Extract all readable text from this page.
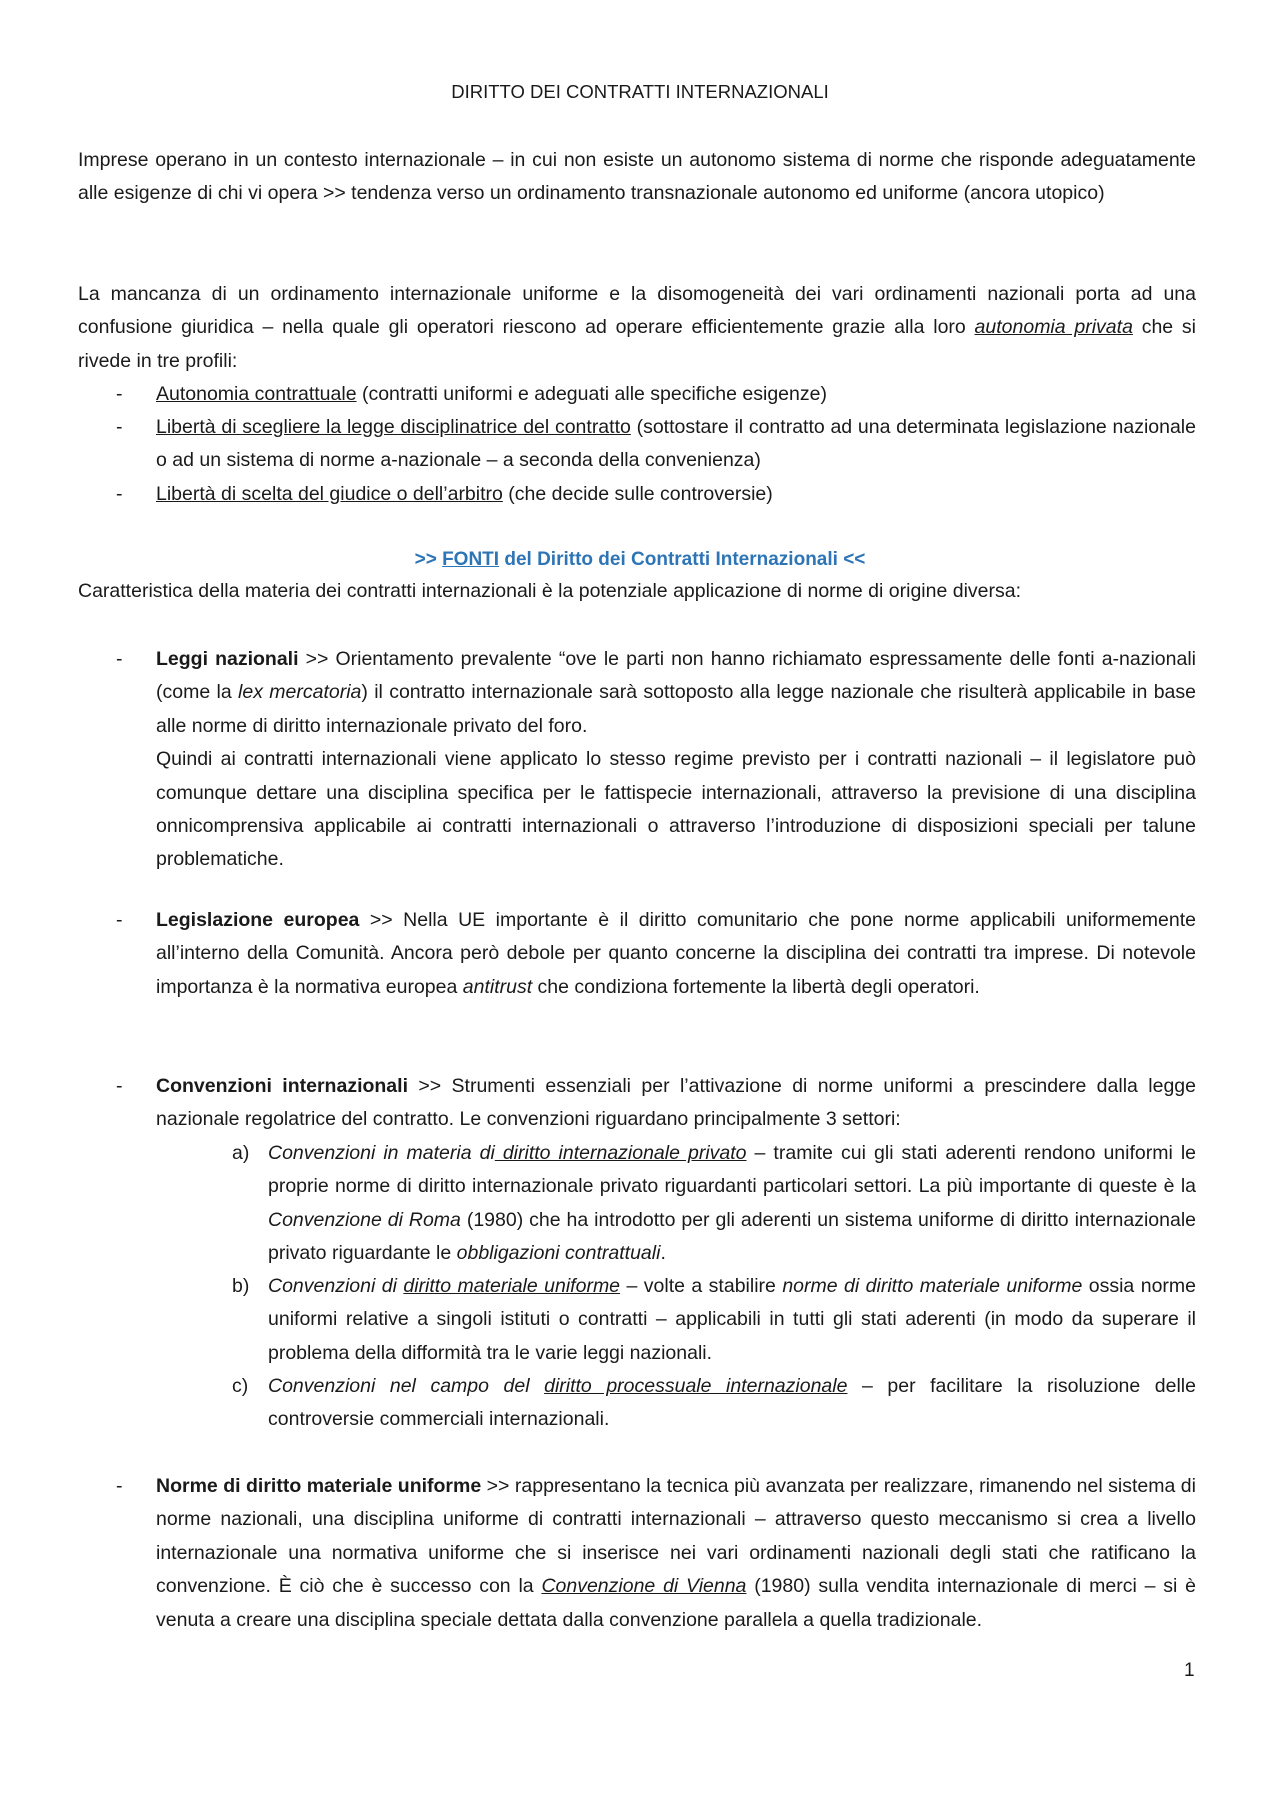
DIRITTO DEI CONTRATTI INTERNAZIONALI
Imprese operano in un contesto internazionale – in cui non esiste un autonomo sistema di norme che risponde adeguatamente alle esigenze di chi vi opera >> tendenza verso un ordinamento transnazionale autonomo ed uniforme (ancora utopico)
La mancanza di un ordinamento internazionale uniforme e la disomogeneità dei vari ordinamenti nazionali porta ad una confusione giuridica – nella quale gli operatori riescono ad operare efficientemente grazie alla loro autonomia privata che si rivede in tre profili:
-	Autonomia contrattuale (contratti uniformi e adeguati alle specifiche esigenze)
-	Libertà di scegliere la legge disciplinatrice del contratto (sottostare il contratto ad una determinata legislazione nazionale o ad un sistema di norme a-nazionale – a seconda della convenienza)
-	Libertà di scelta del giudice o dell’arbitro (che decide sulle controversie)
>> FONTI del Diritto dei Contratti Internazionali <<
Caratteristica della materia dei contratti internazionali è la potenziale applicazione di norme di origine diversa:
-	Leggi nazionali >> Orientamento prevalente “ove le parti non hanno richiamato espressamente delle fonti a-nazionali (come la lex mercatoria) il contratto internazionale sarà sottoposto alla legge nazionale che risulterà applicabile in base alle norme di diritto internazionale privato del foro.
Quindi ai contratti internazionali viene applicato lo stesso regime previsto per i contratti nazionali – il legislatore può comunque dettare una disciplina specifica per le fattispecie internazionali, attraverso la previsione di una disciplina onnicomprensiva applicabile ai contratti internazionali o attraverso l’introduzione di disposizioni speciali per talune problematiche.
-	Legislazione europea >> Nella UE importante è il diritto comunitario che pone norme applicabili uniformemente all’interno della Comunità. Ancora però debole per quanto concerne la disciplina dei contratti tra imprese. Di notevole importanza è la normativa europea antitrust che condiziona fortemente la libertà degli operatori.
-	Convenzioni internazionali >> Strumenti essenziali per l’attivazione di norme uniformi a prescindere dalla legge nazionale regolatrice del contratto. Le convenzioni riguardano principalmente 3 settori:
a) Convenzioni in materia di diritto internazionale privato – tramite cui gli stati aderenti rendono uniformi le proprie norme di diritto internazionale privato riguardanti particolari settori. La più importante di queste è la Convenzione di Roma (1980) che ha introdotto per gli aderenti un sistema uniforme di diritto internazionale privato riguardante le obbligazioni contrattuali.
b) Convenzioni di diritto materiale uniforme – volte a stabilire norme di diritto materiale uniforme ossia norme uniformi relative a singoli istituti o contratti – applicabili in tutti gli stati aderenti (in modo da superare il problema della difformità tra le varie leggi nazionali.
c)	Convenzioni nel campo del diritto processuale internazionale – per facilitare la risoluzione delle controversie commerciali internazionali.
-	Norme di diritto materiale uniforme >> rappresentano la tecnica più avanzata per realizzare, rimanendo nel sistema di norme nazionali, una disciplina uniforme di contratti internazionali – attraverso questo meccanismo si crea a livello internazionale una normativa uniforme che si inserisce nei vari ordinamenti nazionali degli stati che ratificano la convenzione. È ciò che è successo con la Convenzione di Vienna (1980) sulla vendita internazionale di merci – si è venuta a creare una disciplina speciale dettata dalla convenzione parallela a quella tradizionale.
1
